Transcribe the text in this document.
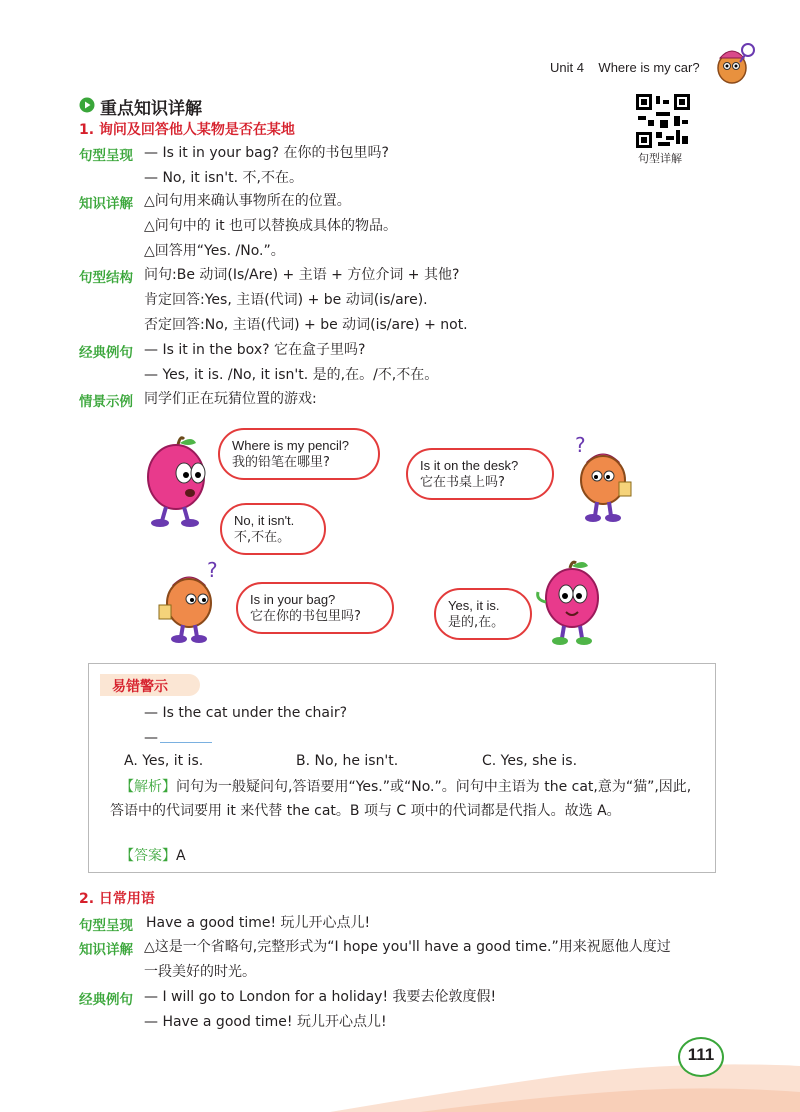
Unit 4 Where is my car?
句型详解
重点知识详解
1. 询问及回答他人某物是否在某地
句型呈现 — Is it in your bag? 在你的书包里吗?
— No, it isn't. 不,不在。
知识详解 △问句用来确认事物所在的位置。
△问句中的 it 也可以替换成具体的物品。
△回答用“Yes. /No.”。
句型结构 问句:Be 动词(Is/Are) + 主语 + 方位介词 + 其他?
肯定回答:Yes, 主语(代词) + be 动词(is/are).
否定回答:No, 主语(代词) + be 动词(is/are) + not.
经典例句 — Is it in the box? 它在盒子里吗?
— Yes, it is. /No, it isn't. 是的,在。/不,不在。
情景示例 同学们正在玩猜位置的游戏:
?
?
Where is my pencil?
我的铅笔在哪里?	Is it on the desk?
它在书桌上吗?
No, it isn't.
不,不在。
Is in your bag?
它在你的书包里吗?
Yes, it is.
是的,在。
易错警示
— Is the cat under the chair?
—
A. Yes, it is.	B. No, he isn't.	C. Yes, she is.
【解析】问句为一般疑问句,答语要用“Yes.”或“No.”。问句中主语为 the cat,意为“猫”,因此,答语中的代词要用 it 来代替 the cat。B 项与 C 项中的代词都是代指人。故选 A。
【答案】A
2. 日常用语
句型呈现 Have a good time! 玩儿开心点儿!
知识详解 △这是一个省略句,完整形式为“I hope you'll have a good time.”用来祝愿他人度过
一段美好的时光。
经典例句 — I will go to London for a holiday! 我要去伦敦度假!
— Have a good time! 玩儿开心点儿!
111
